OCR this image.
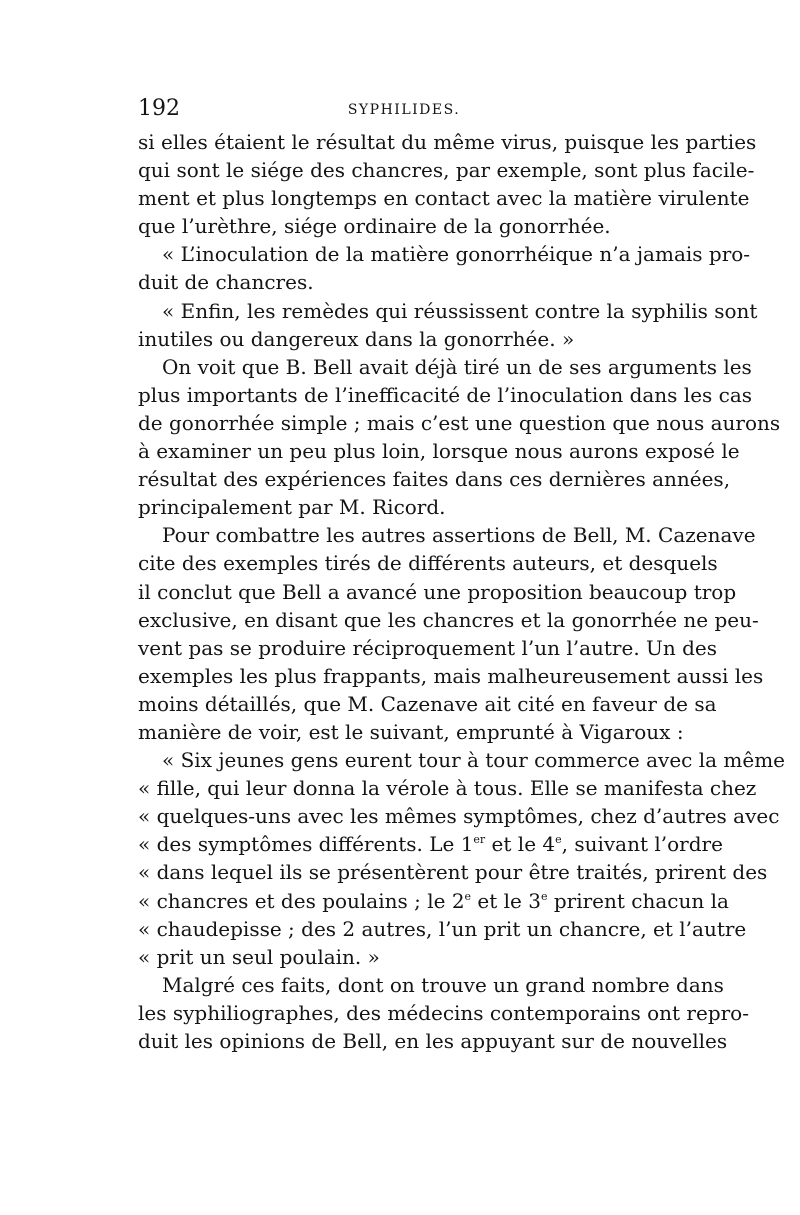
192	SYPHILIDES.
si elles étaient le résultat du même virus, puisque les parties
qui sont le siége des chancres, par exemple, sont plus facile-
ment et plus longtemps en contact avec la matière virulente
que l’urèthre, siége ordinaire de la gonorrhée.
« L’inoculation de la matière gonorrhéique n’a jamais pro-
duit de chancres.
« Enfin, les remèdes qui réussissent contre la syphilis sont
inutiles ou dangereux dans la gonorrhée. »
On voit que B. Bell avait déjà tiré un de ses arguments les
plus importants de l’inefficacité de l’inoculation dans les cas
de gonorrhée simple ; mais c’est une question que nous aurons
à examiner un peu plus loin, lorsque nous aurons exposé le
résultat des expériences faites dans ces dernières années,
principalement par M. Ricord.
Pour combattre les autres assertions de Bell, M. Cazenave
cite des exemples tirés de différents auteurs, et desquels
il conclut que Bell a avancé une proposition beaucoup trop
exclusive, en disant que les chancres et la gonorrhée ne peu-
vent pas se produire réciproquement l’un l’autre. Un des
exemples les plus frappants, mais malheureusement aussi les
moins détaillés, que M. Cazenave ait cité en faveur de sa
manière de voir, est le suivant, emprunté à Vigaroux :
« Six jeunes gens eurent tour à tour commerce avec la même
« fille, qui leur donna la vérole à tous. Elle se manifesta chez
« quelques-uns avec les mêmes symptômes, chez d’autres avec
« des symptômes différents. Le 1er et le 4e, suivant l’ordre
« dans lequel ils se présentèrent pour être traités, prirent des
« chancres et des poulains ; le 2e et le 3e prirent chacun la
« chaudepisse ; des 2 autres, l’un prit un chancre, et l’autre
« prit un seul poulain. »
Malgré ces faits, dont on trouve un grand nombre dans
les syphiliographes, des médecins contemporains ont repro-
duit les opinions de Bell, en les appuyant sur de nouvelles
